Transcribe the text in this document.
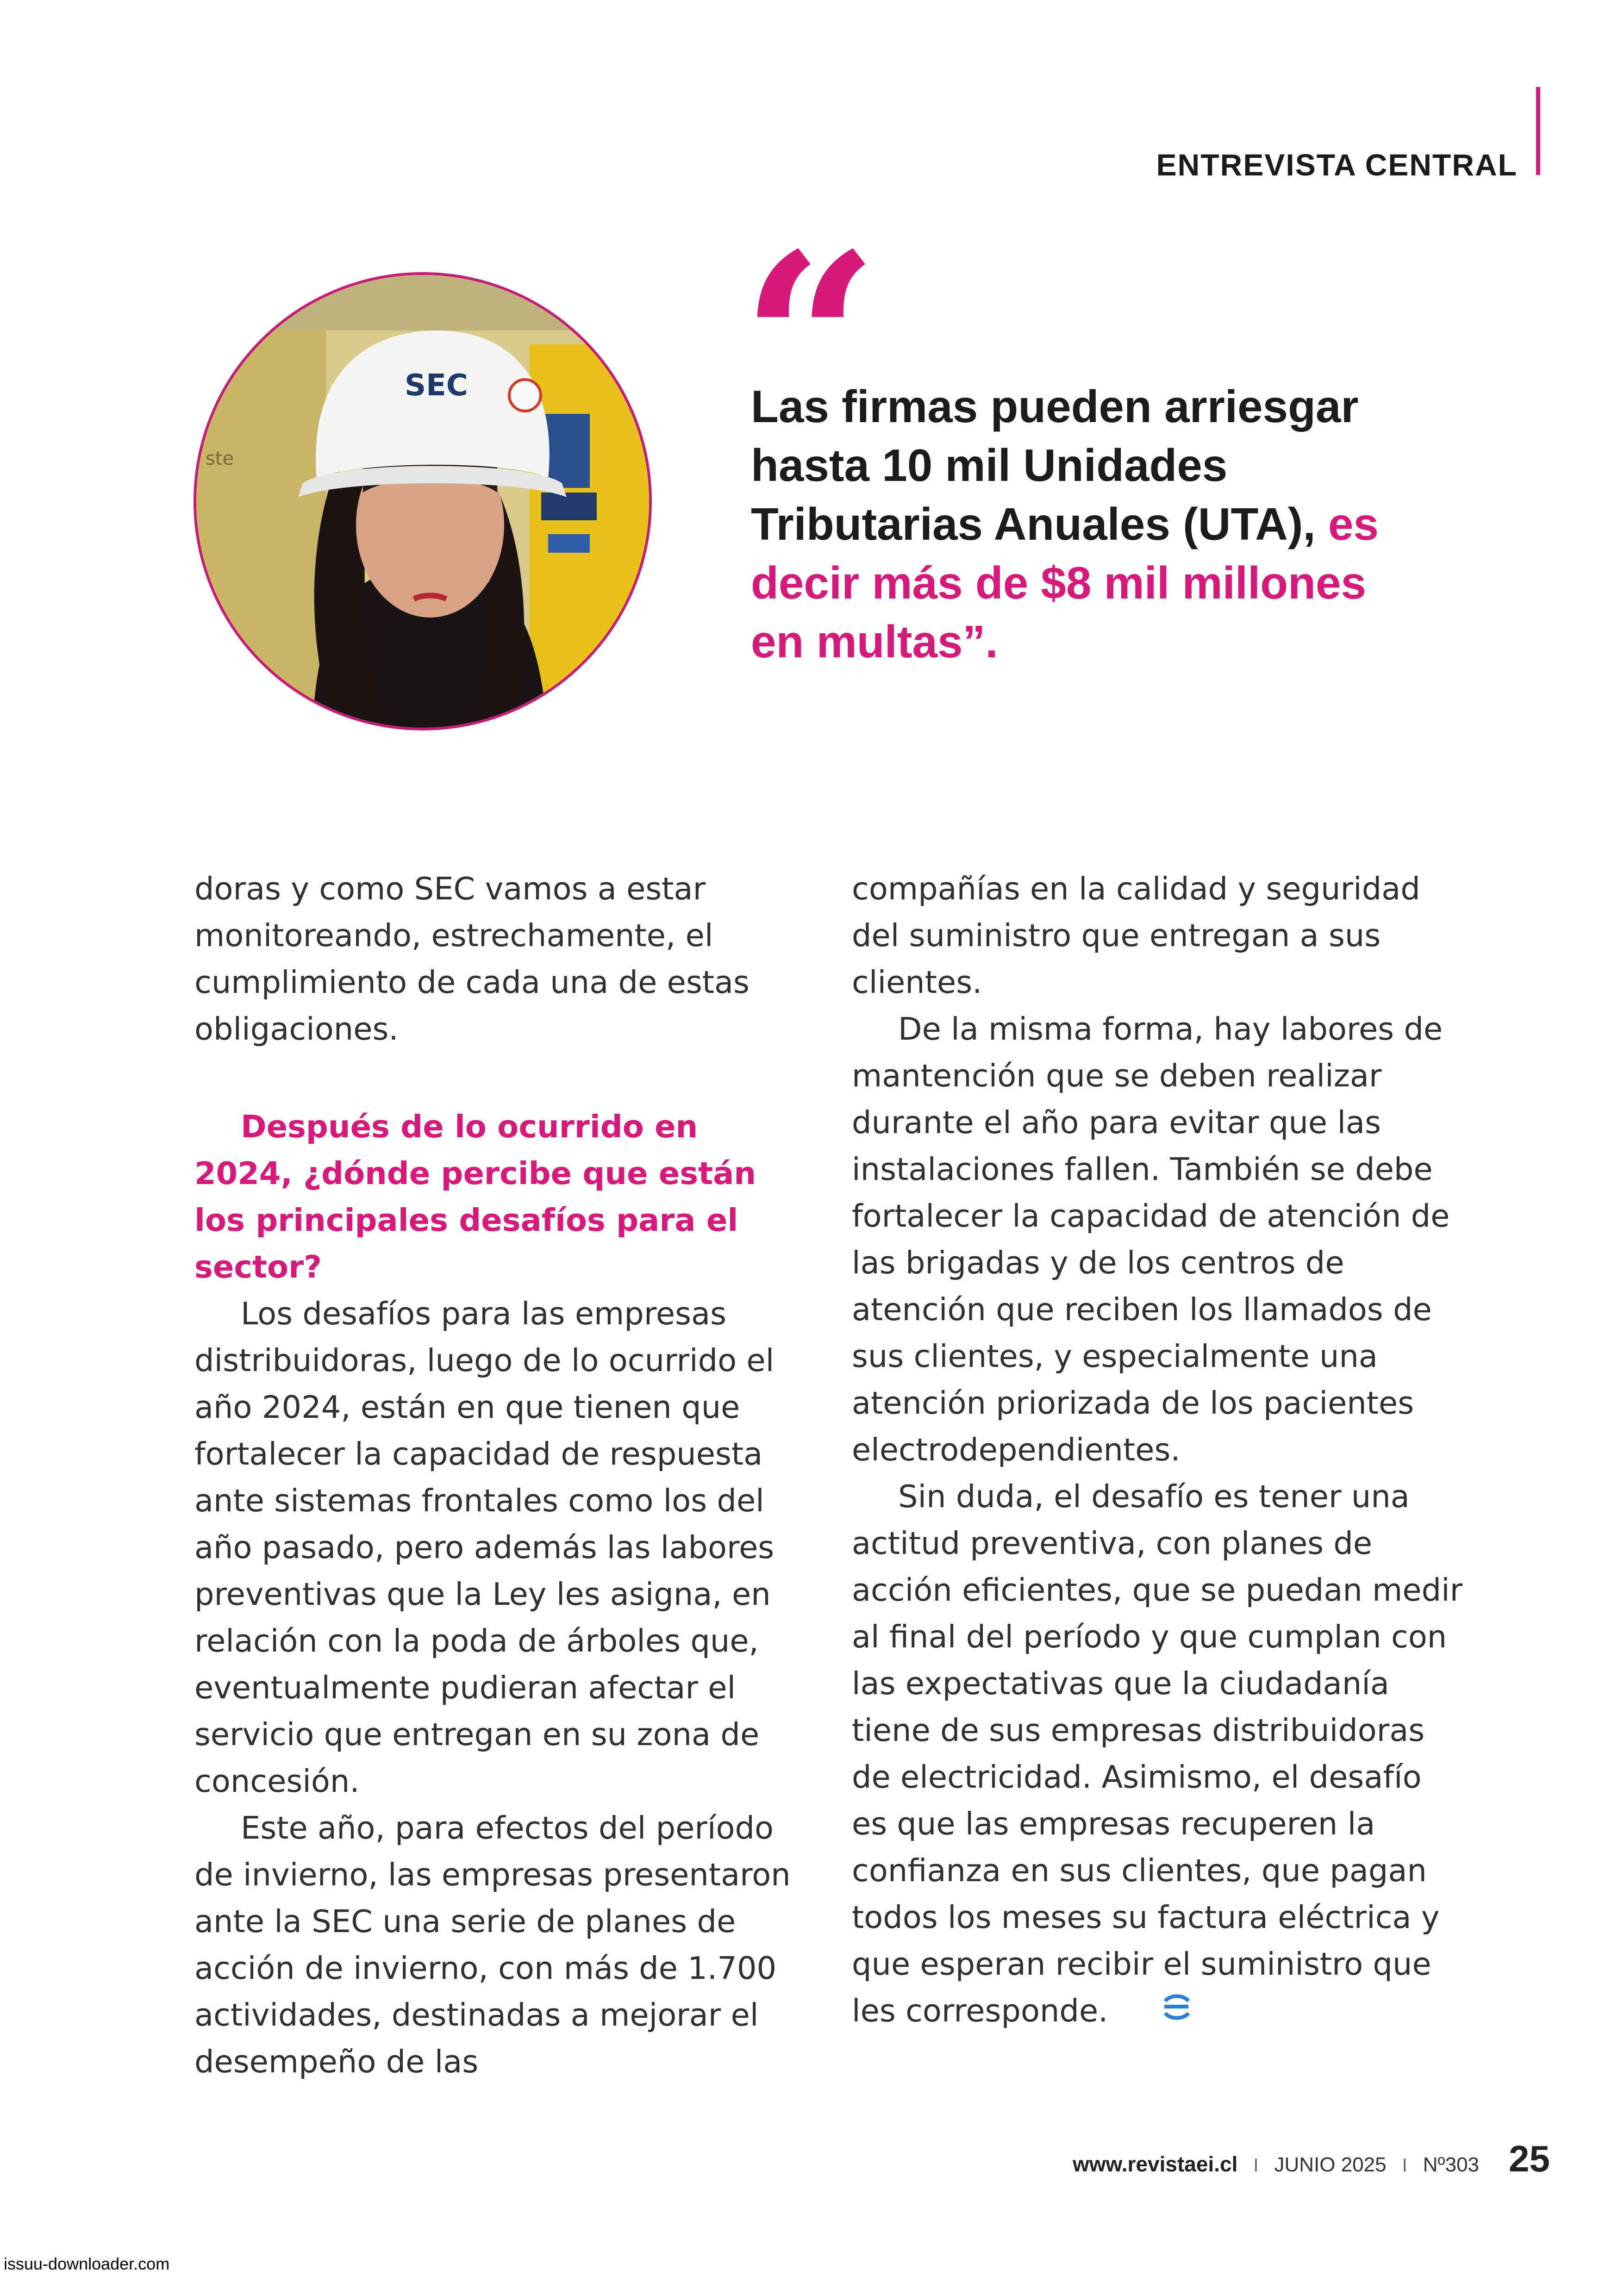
ENTREVISTA CENTRAL
ste
SEC “
Las firmas pueden arriesgar hasta 10 mil Unidades Tributarias Anuales (UTA), es decir más de $8 mil millones en multas”.

doras y como SEC vamos a estar monitoreando, estrechamente, el cumplimiento de cada una de estas obligaciones.

Después de lo ocurrido en 2024, ¿dónde percibe que están los principales desafíos para el sector?

Los desafíos para las empresas distribuidoras, luego de lo ocurrido el año 2024, están en que tienen que fortalecer la capacidad de respuesta ante sistemas frontales como los del año pasado, pero además las labores preventivas que la Ley les asigna, en relación con la poda de árboles que, eventualmente pudieran afectar el servicio que entregan en su zona de concesión.

Este año, para efectos del período de invierno, las empresas presentaron ante la SEC una serie de planes de acción de invierno, con más de 1.700 actividades, destinadas a mejorar el desempeño de las

compañías en la calidad y seguridad del suministro que entregan a sus clientes.

De la misma forma, hay labores de mantención que se deben realizar durante el año para evitar que las instalaciones fallen. También se debe fortalecer la capacidad de atención de las brigadas y de los centros de atención que reciben los llamados de sus clientes, y especialmente una atención priorizada de los pacientes electrodependientes.

Sin duda, el desafío es tener una actitud preventiva, con planes de acción eficientes, que se puedan medir al final del período y que cumplan con las expectativas que la ciudadanía tiene de sus empresas distribuidoras de electricidad. Asimismo, el desafío es que las empresas recuperen la confianza en sus clientes, que pagan todos los meses su factura eléctrica y que esperan recibir el suministro que les corresponde.

www.revistaei.cl I JUNIO 2025 I Nº303 25
issuu-downloader.com
